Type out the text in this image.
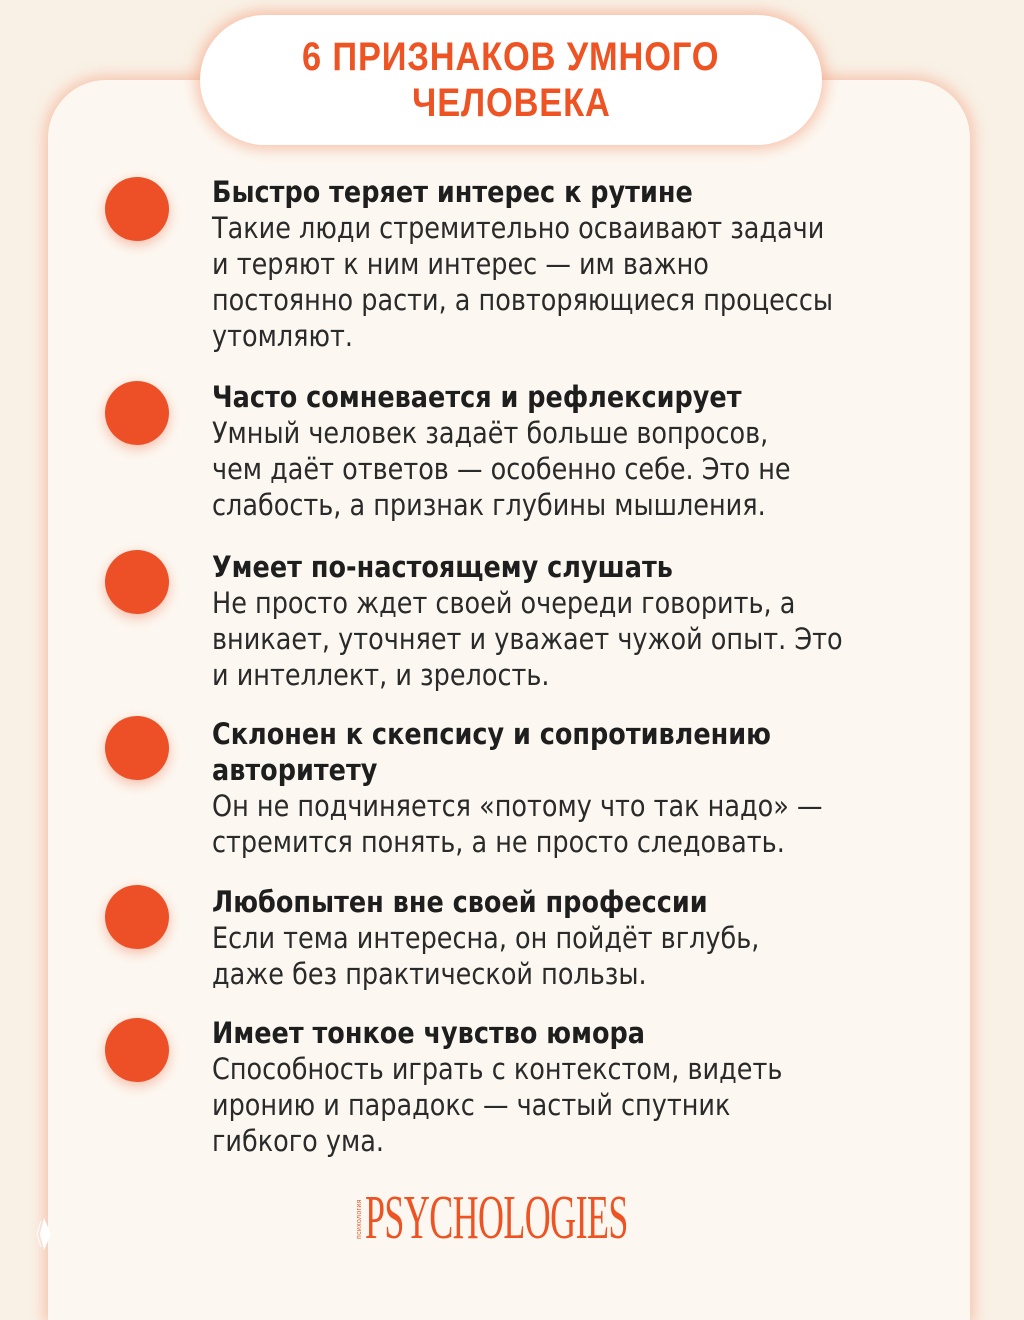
6 ПРИЗНАКОВ УМНОГО
ЧЕЛОВЕКА
Быстро теряет интерес к рутине
Такие люди стремительно осваивают задачи
и теряют к ним интерес — им важно
постоянно расти, а повторяющиеся процессы
утомляют.
Часто сомневается и рефлексирует
Умный человек задаёт больше вопросов,
чем даёт ответов — особенно себе. Это не
слабость, а признак глубины мышления.
Умеет по-настоящему слушать
Не просто ждет своей очереди говорить, а
вникает, уточняет и уважает чужой опыт. Это
и интеллект, и зрелость.
Склонен к скепсису и сопротивлению
авторитету
Он не подчиняется «потому что так надо» —
стремится понять, а не просто следовать.
Любопытен вне своей профессии
Если тема интересна, он пойдёт вглубь,
даже без практической пользы.
Имеет тонкое чувство юмора
Способность играть с контекстом, видеть
иронию и парадокс — частый спутник
гибкого ума.
психология PSYCHOLOGIES
